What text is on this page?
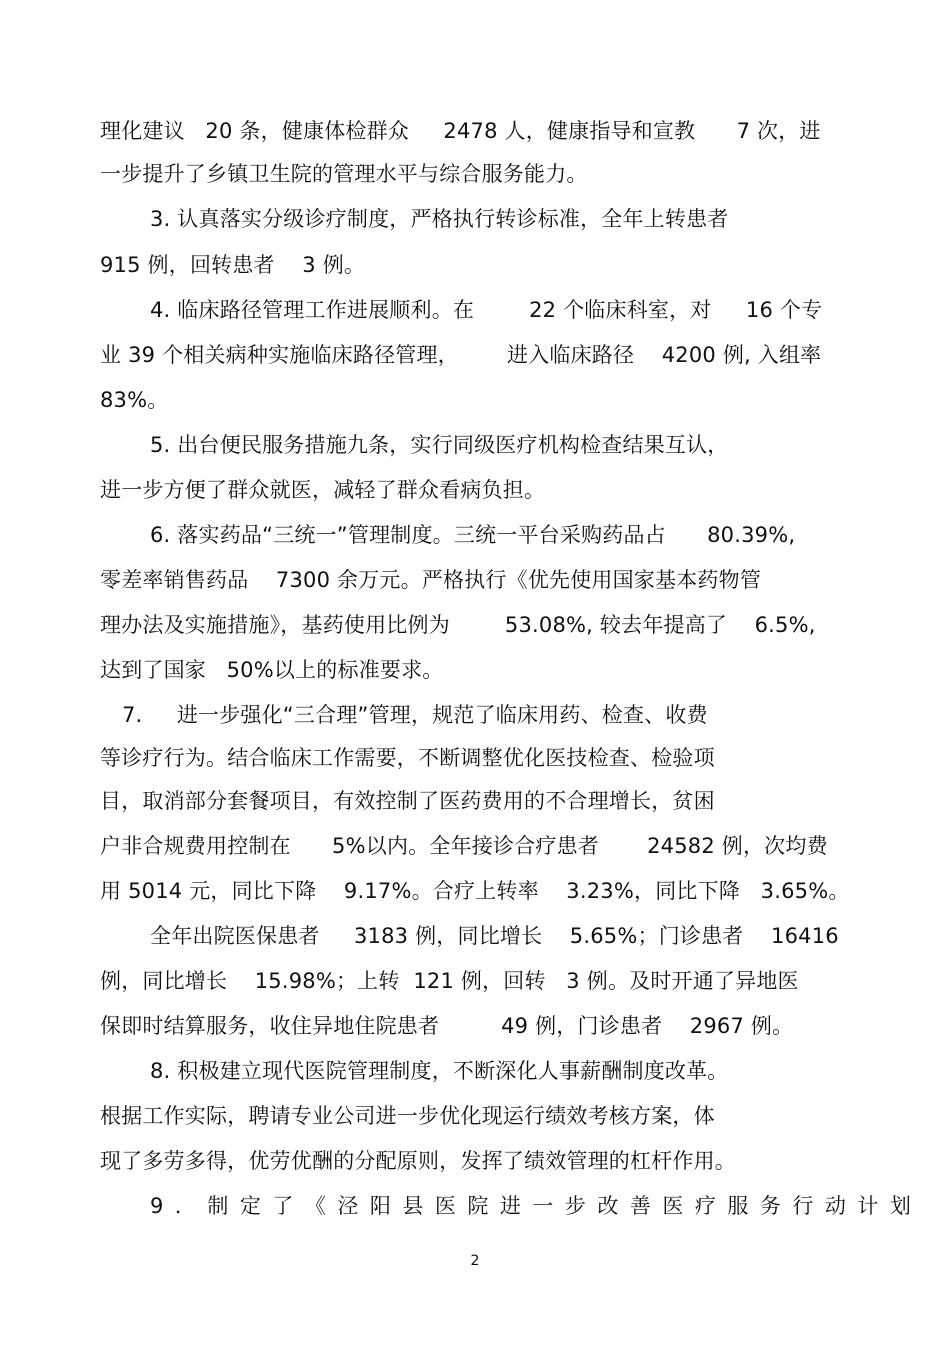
理化建议   20 条，健康体检群众     2478 人，健康指导和宣教      7 次，进
一步提升了乡镇卫生院的管理水平与综合服务能力。
3. 认真落实分级诊疗制度，严格执行转诊标准，全年上转患者
915 例，回转患者    3 例。
4. 临床路径管理工作进展顺利。在        22 个临床科室，对     16 个专
业 39 个相关病种实施临床路径管理，       进入临床路径    4200 例, 入组率
83%。
5. 出台便民服务措施九条，实行同级医疗机构检查结果互认，
进一步方便了群众就医，减轻了群众看病负担。
6. 落实药品“三统一”管理制度。三统一平台采购药品占      80.39%,
零差率销售药品    7300 余万元。严格执行《优先使用国家基本药物管
理办法及实施措施》，基药使用比例为        53.08%, 较去年提高了    6.5%,
达到了国家   50%以上的标准要求。
7.     进一步强化“三合理”管理，规范了临床用药、检查、收费
等诊疗行为。结合临床工作需要，不断调整优化医技检查、检验项
目，取消部分套餐项目，有效控制了医药费用的不合理增长，贫困
户非合规费用控制在      5%以内。全年接诊合疗患者       24582 例，次均费
用 5014 元，同比下降    9.17%。合疗上转率    3.23%，同比下降   3.65%。
全年出院医保患者     3183 例，同比增长    5.65%；门诊患者    16416
例，同比增长    15.98%；上转  121 例，回转   3 例。及时开通了异地医
保即时结算服务，收住异地住院患者         49 例，门诊患者    2967 例。
8. 积极建立现代医院管理制度，不断深化人事薪酬制度改革。
根据工作实际，聘请专业公司进一步优化现运行绩效考核方案，体
现了多劳多得，优劳优酬的分配原则，发挥了绩效管理的杠杆作用。
9．制定了《泾阳县医院进一步改善医疗服务行动计划
2
